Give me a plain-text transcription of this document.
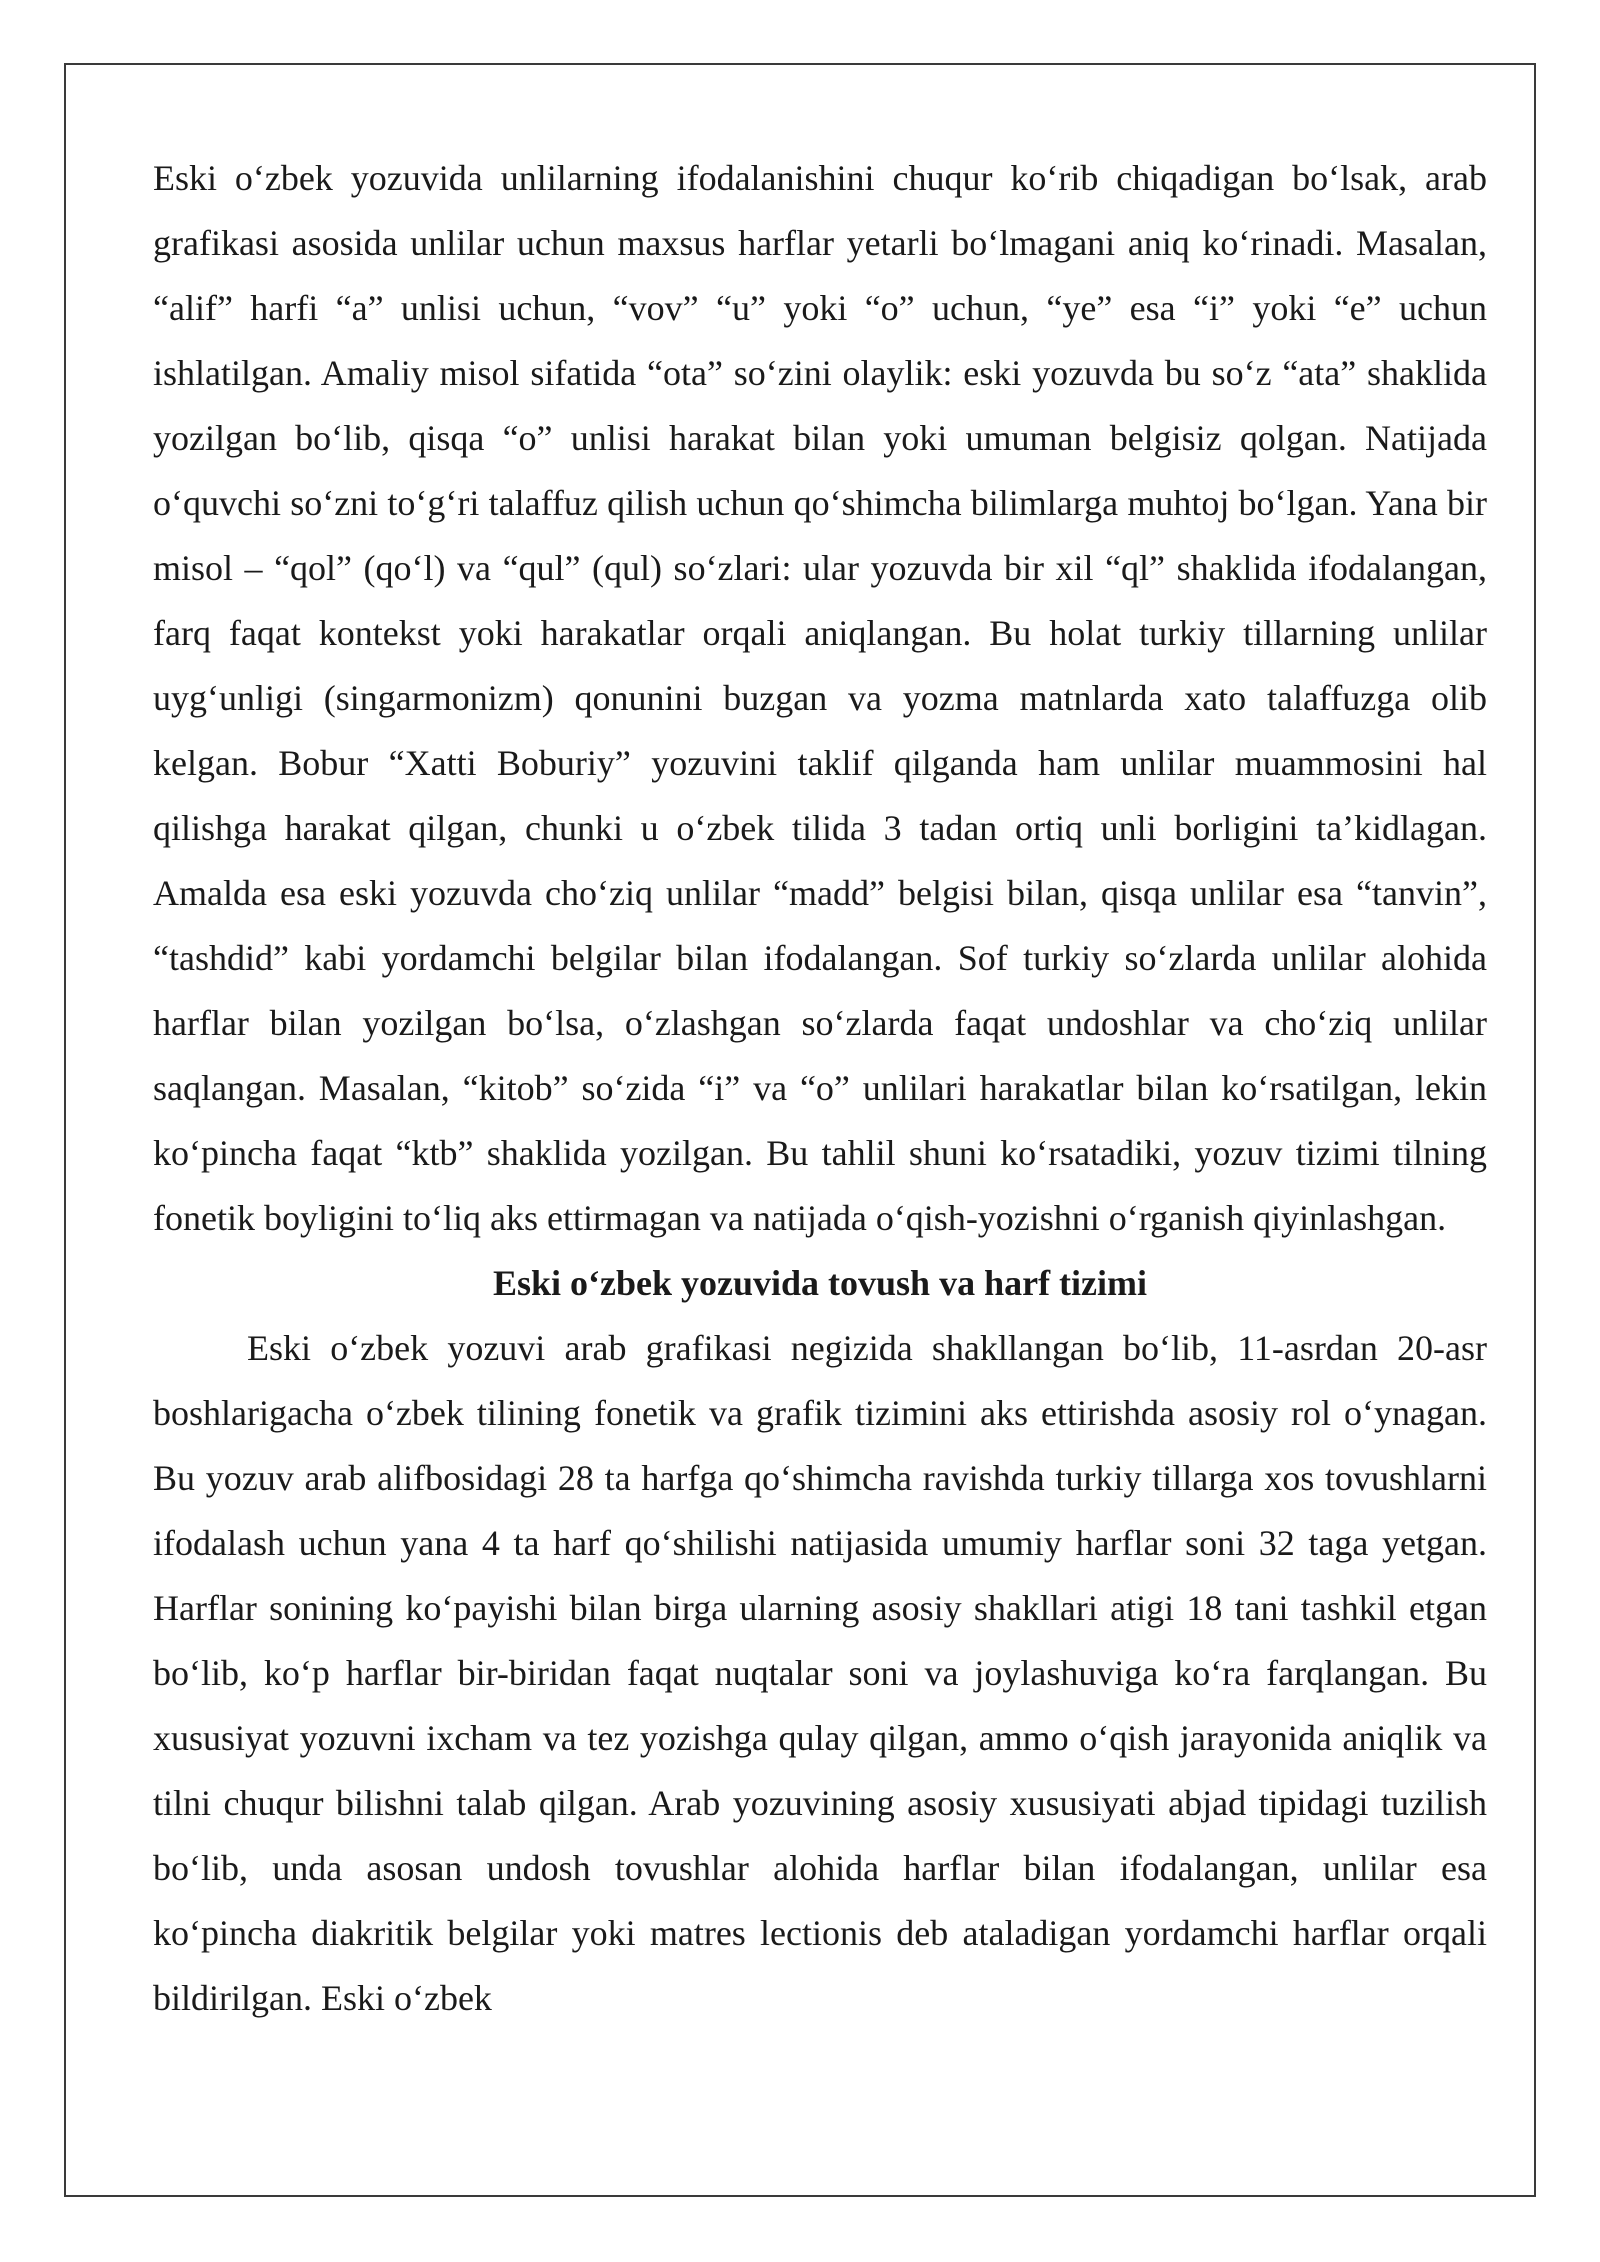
Eski o‘zbek yozuvida unlilarning ifodalanishini chuqur ko‘rib chiqadigan bo‘lsak, arab grafikasi asosida unlilar uchun maxsus harflar yetarli bo‘lmagani aniq ko‘rinadi. Masalan, “alif” harfi “a” unlisi uchun, “vov” “u” yoki “o” uchun, “ye” esa “i” yoki “e” uchun ishlatilgan. Amaliy misol sifatida “ota” so‘zini olaylik: eski yozuvda bu so‘z “ata” shaklida yozilgan bo‘lib, qisqa “o” unlisi harakat bilan yoki umuman belgisiz qolgan. Natijada o‘quvchi so‘zni to‘g‘ri talaffuz qilish uchun qo‘shimcha bilimlarga muhtoj bo‘lgan. Yana bir misol – “qol” (qo‘l) va “qul” (qul) so‘zlari: ular yozuvda bir xil “ql” shaklida ifodalangan, farq faqat kontekst yoki harakatlar orqali aniqlangan. Bu holat turkiy tillarning unlilar uyg‘unligi (singarmonizm) qonunini buzgan va yozma matnlarda xato talaffuzga olib kelgan. Bobur “Xatti Boburiy” yozuvini taklif qilganda ham unlilar muammosini hal qilishga harakat qilgan, chunki u o‘zbek tilida 3 tadan ortiq unli borligini ta’kidlagan. Amalda esa eski yozuvda cho‘ziq unlilar “madd” belgisi bilan, qisqa unlilar esa “tanvin”, “tashdid” kabi yordamchi belgilar bilan ifodalangan. Sof turkiy so‘zlarda unlilar alohida harflar bilan yozilgan bo‘lsa, o‘zlashgan so‘zlarda faqat undoshlar va cho‘ziq unlilar saqlangan. Masalan, “kitob” so‘zida “i” va “o” unlilari harakatlar bilan ko‘rsatilgan, lekin ko‘pincha faqat “ktb” shaklida yozilgan. Bu tahlil shuni ko‘rsatadiki, yozuv tizimi tilning fonetik boyligini to‘liq aks ettirmagan va natijada o‘qish-yozishni o‘rganish qiyinlashgan.

Eski o‘zbek yozuvida tovush va harf tizimi

Eski o‘zbek yozuvi arab grafikasi negizida shakllangan bo‘lib, 11-asrdan 20-asr boshlarigacha o‘zbek tilining fonetik va grafik tizimini aks ettirishda asosiy rol o‘ynagan. Bu yozuv arab alifbosidagi 28 ta harfga qo‘shimcha ravishda turkiy tillarga xos tovushlarni ifodalash uchun yana 4 ta harf qo‘shilishi natijasida umumiy harflar soni 32 taga yetgan. Harflar sonining ko‘payishi bilan birga ularning asosiy shakllari atigi 18 tani tashkil etgan bo‘lib, ko‘p harflar bir-biridan faqat nuqtalar soni va joylashuviga ko‘ra farqlangan. Bu xususiyat yozuvni ixcham va tez yozishga qulay qilgan, ammo o‘qish jarayonida aniqlik va tilni chuqur bilishni talab qilgan. Arab yozuvining asosiy xususiyati abjad tipidagi tuzilish bo‘lib, unda asosan undosh tovushlar alohida harflar bilan ifodalangan, unlilar esa ko‘pincha diakritik belgilar yoki matres lectionis deb ataladigan yordamchi harflar orqali bildirilgan. Eski o‘zbek
